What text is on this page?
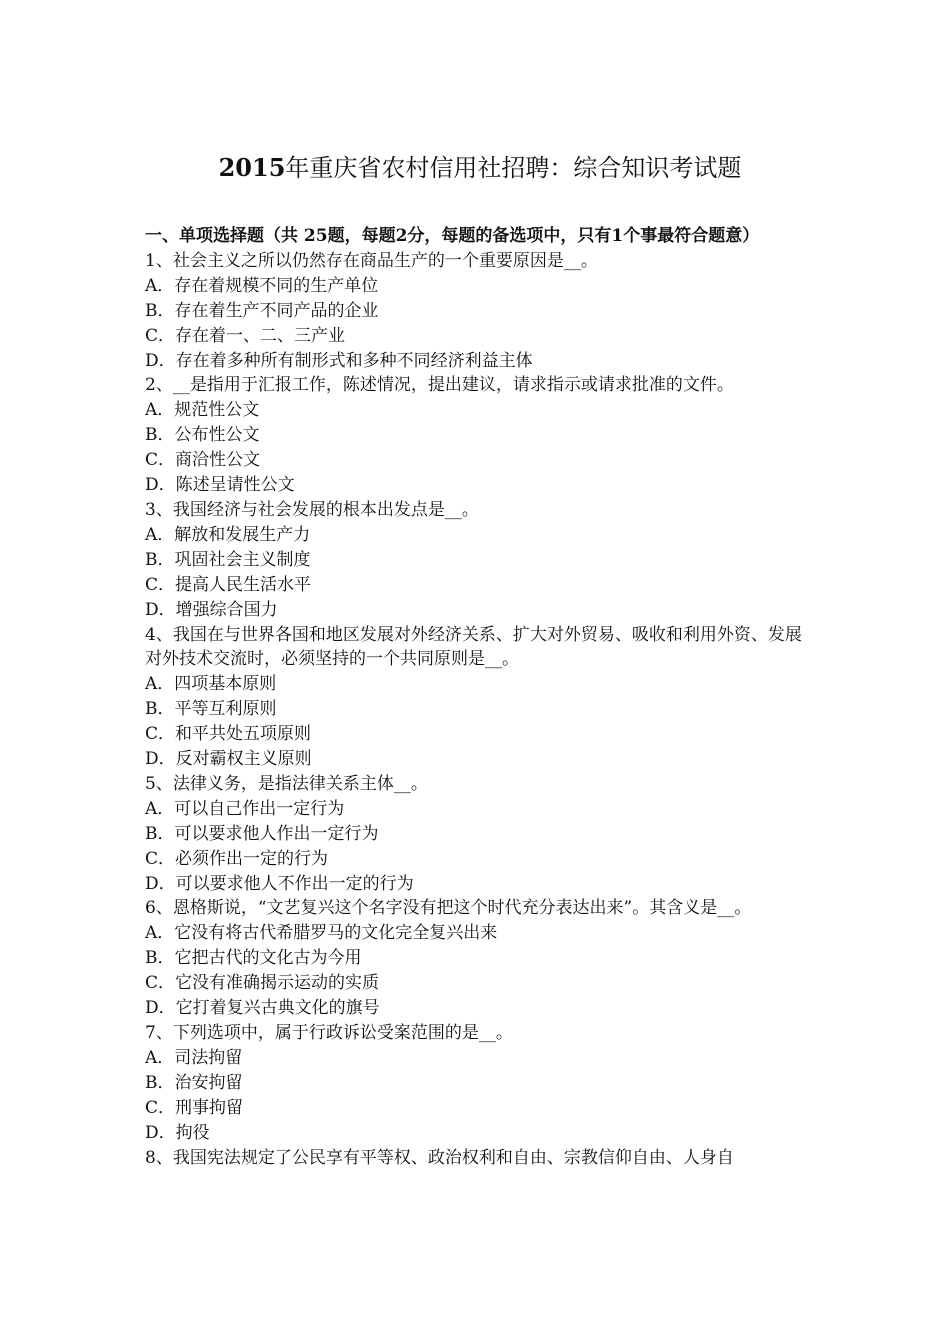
2015年重庆省农村信用社招聘：综合知识考试题

一、单项选择题（共 25题，每题2分，每题的备选项中，只有1个事最符合题意）

1、社会主义之所以仍然存在商品生产的一个重要原因是__。

A．存在着规模不同的生产单位

B．存在着生产不同产品的企业

C．存在着一、二、三产业

D．存在着多种所有制形式和多种不同经济利益主体

2、__是指用于汇报工作，陈述情况，提出建议，请求指示或请求批准的文件。

A．规范性公文

B．公布性公文

C．商洽性公文

D．陈述呈请性公文

3、我国经济与社会发展的根本出发点是__。

A．解放和发展生产力

B．巩固社会主义制度

C．提高人民生活水平

D．增强综合国力

4、我国在与世界各国和地区发展对外经济关系、扩大对外贸易、吸收和利用外资、发展对外技术交流时，必须坚持的一个共同原则是__。

A．四项基本原则

B．平等互利原则

C．和平共处五项原则

D．反对霸权主义原则

5、法律义务，是指法律关系主体__。

A．可以自己作出一定行为

B．可以要求他人作出一定行为

C．必须作出一定的行为

D．可以要求他人不作出一定的行为

6、恩格斯说，“文艺复兴这个名字没有把这个时代充分表达出来”。其含义是__。

A．它没有将古代希腊罗马的文化完全复兴出来

B．它把古代的文化古为今用

C．它没有准确揭示运动的实质

D．它打着复兴古典文化的旗号

7、下列选项中，属于行政诉讼受案范围的是__。

A．司法拘留

B．治安拘留

C．刑事拘留

D．拘役

8、我国宪法规定了公民享有平等权、政治权利和自由、宗教信仰自由、人身自
